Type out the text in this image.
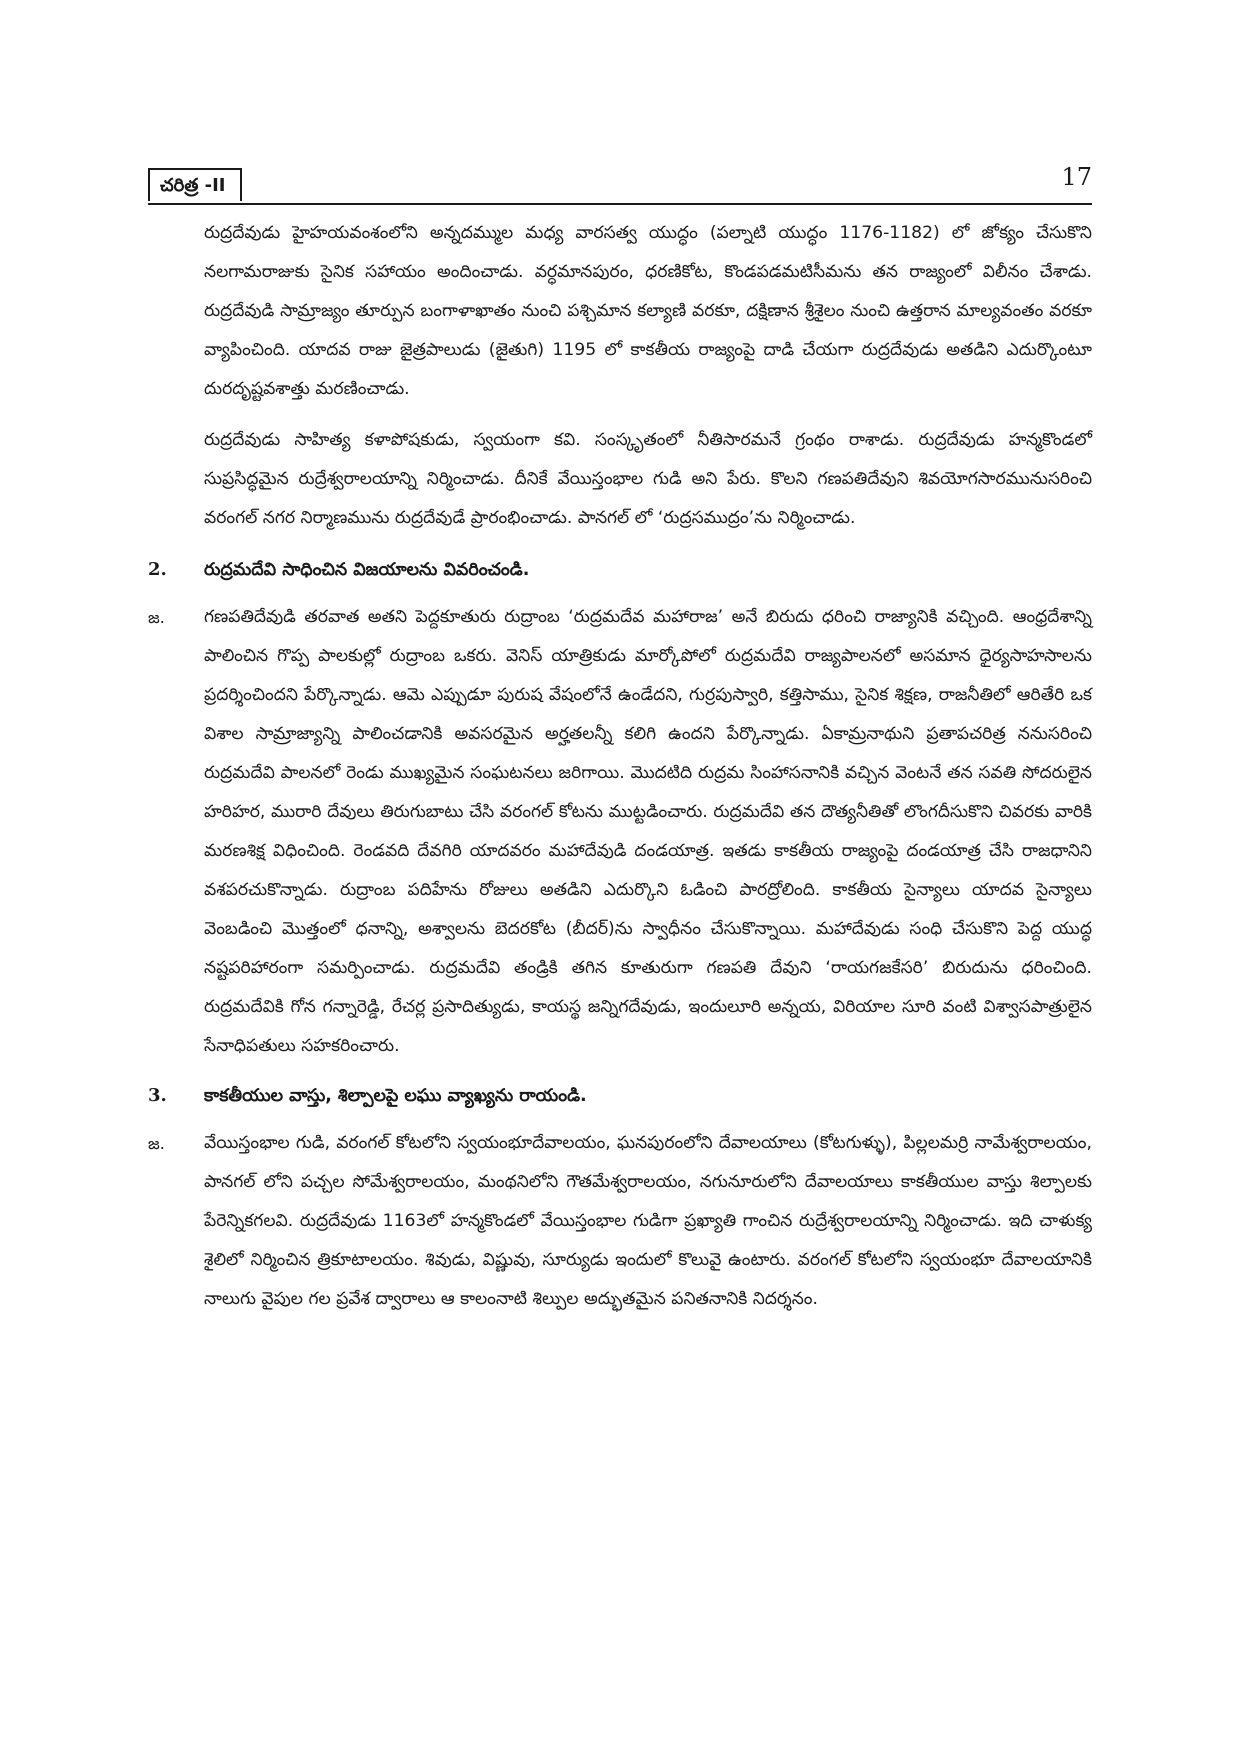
చరిత్ర -II	17

రుద్రదేవుడు హైహయవంశంలోని అన్నదమ్ముల మధ్య వారసత్వ యుద్ధం (పల్నాటి యుద్ధం 1176-1182) లో జోక్యం చేసుకొని నలగామరాజుకు సైనిక సహాయం అందించాడు. వర్ధమానపురం, ధరణికోట, కొండపడమటిసీమను తన రాజ్యంలో విలీనం చేశాడు. రుద్రదేవుడి సామ్రాజ్యం తూర్పున బంగాళాఖాతం నుంచి పశ్చిమాన కల్యాణి వరకూ, దక్షిణాన శ్రీశైలం నుంచి ఉత్తరాన మాల్యవంతం వరకూ వ్యాపించింది. యాదవ రాజు జైత్రపాలుడు (జైతుగి) 1195 లో కాకతీయ రాజ్యంపై దాడి చేయగా రుద్రదేవుడు అతడిని ఎదుర్కొంటూ దురదృష్టవశాత్తు మరణించాడు.

రుద్రదేవుడు సాహిత్య కళాపోషకుడు, స్వయంగా కవి. సంస్కృతంలో నీతిసారమనే గ్రంథం రాశాడు. రుద్రదేవుడు హన్మకొండలో సుప్రసిద్ధమైన రుద్రేశ్వరాలయాన్ని నిర్మించాడు. దీనికే వేయిస్తంభాల గుడి అని పేరు. కొలని గణపతిదేవుని శివయోగసారమునుసరించి వరంగల్ నగర నిర్మాణమును రుద్రదేవుడే ప్రారంభించాడు. పానగల్ లో ‘రుద్రసముద్రం’ను నిర్మించాడు.

2.	రుద్రమదేవి సాధించిన విజయాలను వివరించండి.
జ.	గణపతిదేవుడి తరవాత అతని పెద్దకూతురు రుద్రాంబ ‘రుద్రమదేవ మహారాజ’ అనే బిరుదు ధరించి రాజ్యానికి వచ్చింది. ఆంధ్రదేశాన్ని పాలించిన గొప్ప పాలకుల్లో రుద్రాంబ ఒకరు. వెనిస్ యాత్రికుడు మార్కోపోలో రుద్రమదేవి రాజ్యపాలనలో అసమాన ధైర్యసాహసాలను ప్రదర్శించిందని పేర్కొన్నాడు. ఆమె ఎప్పుడూ పురుష వేషంలోనే ఉండేదని, గుర్రపుస్వారి, కత్తిసాము, సైనిక శిక్షణ, రాజనీతిలో ఆరితేరి ఒక విశాల సామ్రాజ్యాన్ని పాలించడానికి అవసరమైన అర్హతలన్నీ కలిగి ఉందని పేర్కొన్నాడు. ఏకామ్రనాథుని ప్రతాపచరిత్ర ననుసరించి రుద్రమదేవి పాలనలో రెండు ముఖ్యమైన సంఘటనలు జరిగాయి. మొదటిది రుద్రమ సింహాసనానికి వచ్చిన వెంటనే తన సవతి సోదరులైన హరిహర, మురారి దేవులు తిరుగుబాటు చేసి వరంగల్ కోటను ముట్టడించారు. రుద్రమదేవి తన దౌత్యనీతితో లొంగదీసుకొని చివరకు వారికి మరణశిక్ష విధించింది. రెండవది దేవగిరి యాదవరం మహాదేవుడి దండయాత్ర. ఇతడు కాకతీయ రాజ్యంపై దండయాత్ర చేసి రాజధానిని వశపరచుకొన్నాడు. రుద్రాంబ పదిహేను రోజులు అతడిని ఎదుర్కొని ఓడించి పారద్రోలింది. కాకతీయ సైన్యాలు యాదవ సైన్యాలు వెంబడించి మొత్తంలో ధనాన్ని, అశ్వాలను బెదరకోట (బీదర్)ను స్వాధీనం చేసుకొన్నాయి. మహాదేవుడు సంధి చేసుకొని పెద్ద యుద్ధ నష్టపరిహారంగా సమర్పించాడు. రుద్రమదేవి తండ్రికి తగిన కూతురుగా గణపతి దేవుని ‘రాయగజకేసరి’ బిరుదును ధరించింది. రుద్రమదేవికి గోన గన్నారెడ్డి, రేచర్ల ప్రసాదిత్యుడు, కాయస్థ జన్నిగదేవుడు, ఇందులూరి అన్నయ, విరియాల సూరి వంటి విశ్వాసపాత్రులైన సేనాధిపతులు సహకరించారు.

3.	కాకతీయుల వాస్తు, శిల్పాలపై లఘు వ్యాఖ్యను రాయండి.
జ.	వేయిస్తంభాల గుడి, వరంగల్ కోటలోని స్వయంభూదేవాలయం, ఘనపురంలోని దేవాలయాలు (కోటగుళ్ళు), పిల్లలమర్రి నామేశ్వరాలయం, పానగల్ లోని పచ్చల సోమేశ్వరాలయం, మంథనిలోని గౌతమేశ్వరాలయం, నగునూరులోని దేవాలయాలు కాకతీయుల వాస్తు శిల్పాలకు పేరెన్నికగలవి. రుద్రదేవుడు 1163లో హన్మకొండలో వేయిస్తంభాల గుడిగా ప్రఖ్యాతి గాంచిన రుద్రేశ్వరాలయాన్ని నిర్మించాడు. ఇది చాళుక్య శైలిలో నిర్మించిన త్రికూటాలయం. శివుడు, విష్ణువు, సూర్యుడు ఇందులో కొలువై ఉంటారు. వరంగల్ కోటలోని స్వయంభూ దేవాలయానికి నాలుగు వైపుల గల ప్రవేశ ద్వారాలు ఆ కాలంనాటి శిల్పుల అద్భుతమైన పనితనానికి నిదర్శనం.
